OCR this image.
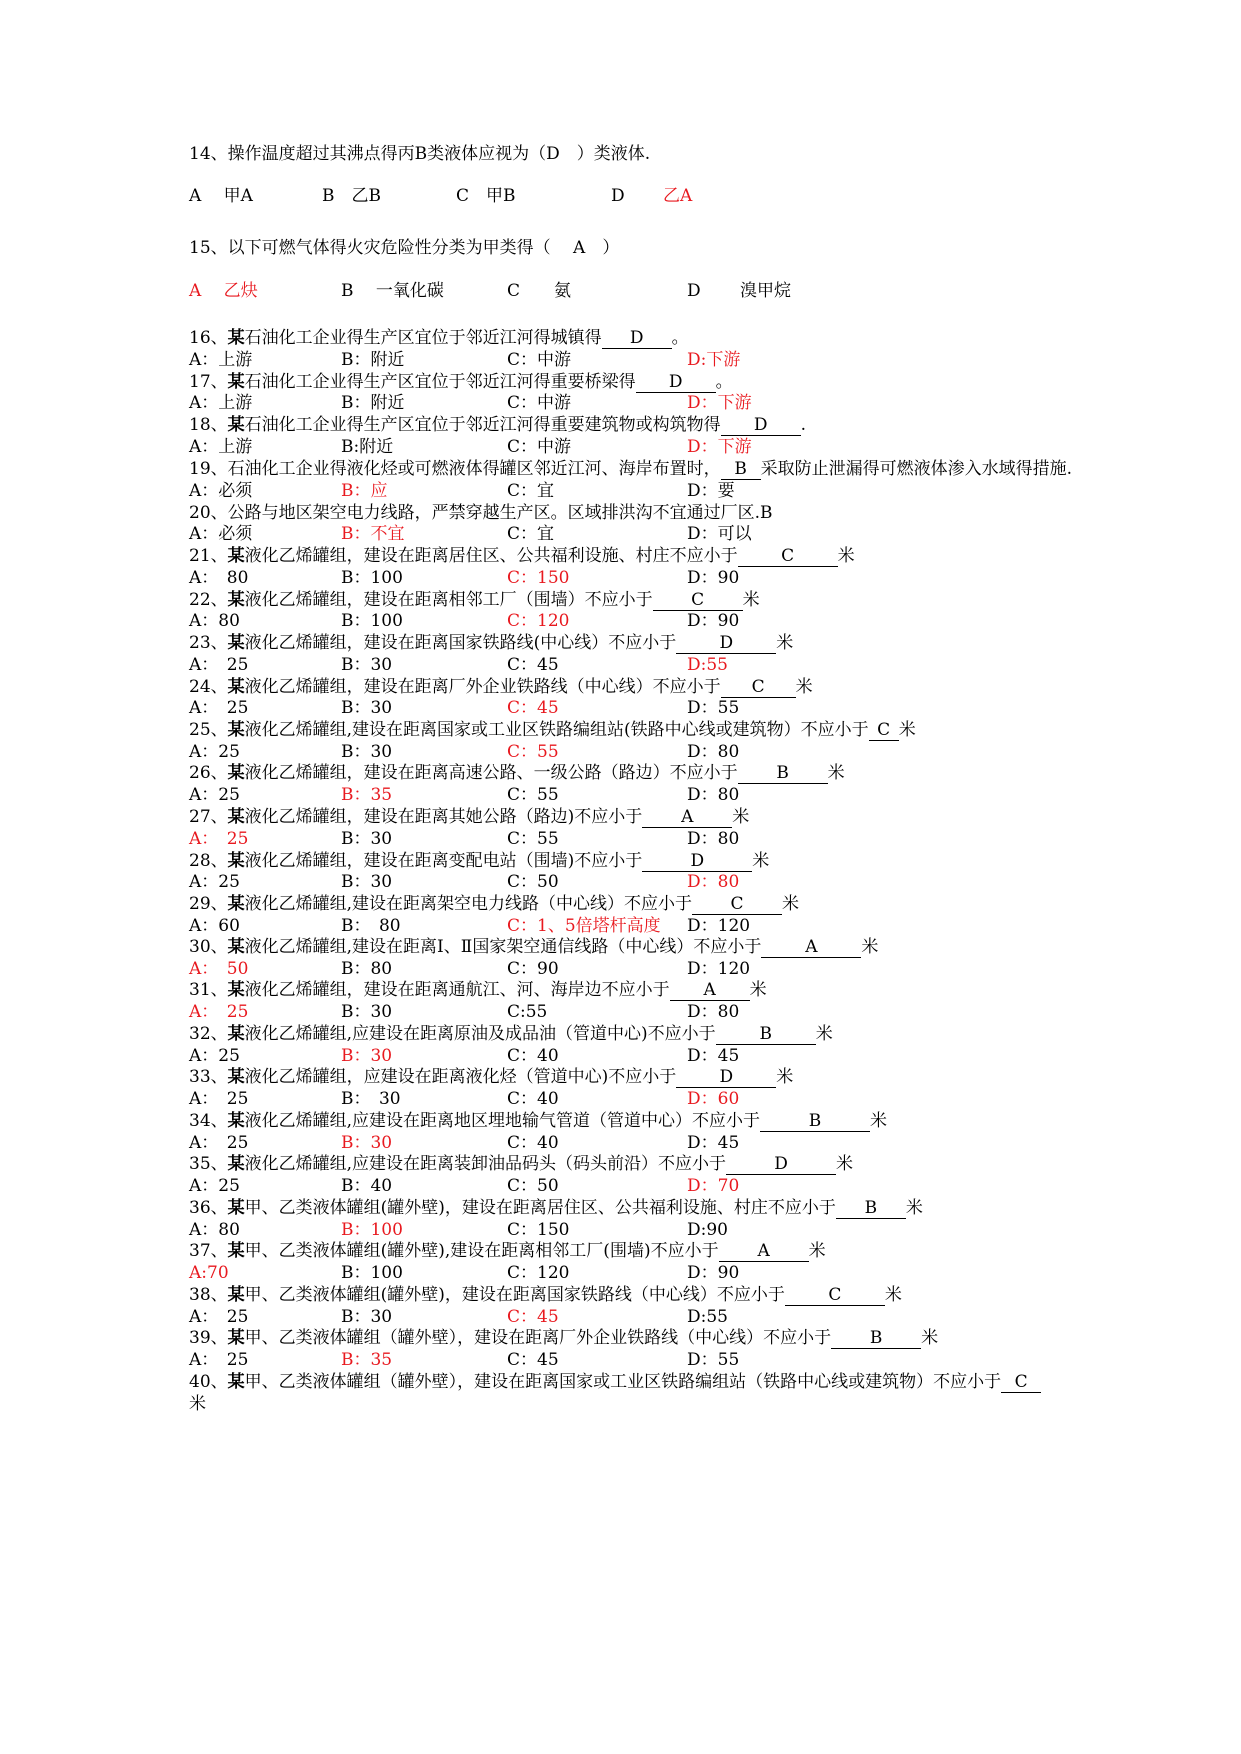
14、操作温度超过其沸点得丙B类液体应视为（D　）类液体.
A　 甲A	B　乙B	C　甲B	D 乙A
15、以下可燃气体得火灾危险性分类为甲类得（　 A　）
A　 乙炔	B　 一氧化碳	C　　氨	D　　 溴甲烷
16、某石油化工企业得生产区宜位于邻近江河得城镇得 D 。
A：上游	B：附近	C：中游	D:下游
17、某石油化工企业得生产区宜位于邻近江河得重要桥梁得 D 。
A：上游	B：附近	C：中游	D：下游
18、某石油化工企业得生产区宜位于邻近江河得重要建筑物或构筑物得 D .
A：上游	B:附近	C：中游	D：下游
19、石油化工企业得液化烃或可燃液体得罐区邻近江河、海岸布置时， B 采取防止泄漏得可燃液体渗入水域得措施.
A：必须	B：应	C：宜	D：要
20、公路与地区架空电力线路，严禁穿越生产区。区域排洪沟不宜通过厂区.B
A：必须	B：不宜	C：宜	D：可以
21、某液化乙烯罐组，建设在距离居住区、公共福利设施、村庄不应小于	C	米
A：　80	B：100	C：150	D：90
22、某液化乙烯罐组，建设在距离相邻工厂（围墙）不应小于 C 米
A：80	B：100	C：120	D：90
23、某液化乙烯罐组，建设在距离国家铁路线(中心线）不应小于	D	米
A：　25	B：30	C：45	D:55
24、某液化乙烯罐组，建设在距离厂外企业铁路线（中心线）不应小于 C 米
A：　25	B：30	C：45	D：55
25、某液化乙烯罐组,建设在距离国家或工业区铁路编组站(铁路中心线或建筑物）不应小于 C 米
A：25	B：30	C：55	D：80
26、某液化乙烯罐组，建设在距离高速公路、一级公路（路边）不应小于 B 米
A：25	B：35	C：55	D：80
27、某液化乙烯罐组，建设在距离其她公路（路边)不应小于 A 米
A：　25	B：30	C：55	D：80
28、某液化乙烯罐组，建设在距离变配电站（围墙)不应小于	D	米
A：25	B：30	C：50	D：80
29、某液化乙烯罐组,建设在距离架空电力线路（中心线）不应小于 C 米
A：60	B：　80	C：1、5倍塔杆高度 D：120
30、某液化乙烯罐组,建设在距离Ⅰ、Ⅱ国家架空通信线路（中心线）不应小于	A	米
A：　50	B：80	C：90	D：120
31、某液化乙烯罐组，建设在距离通航江、河、海岸边不应小于 A 米
A：　25	B：30	C:55	D：80
32、某液化乙烯罐组,应建设在距离原油及成品油（管道中心)不应小于	B	米
A：25	B：30	C：40	D：45
33、某液化乙烯罐组，应建设在距离液化烃（管道中心)不应小于	D	米
A：　25	B：　30	C：40	D：60
34、某液化乙烯罐组,应建设在距离地区埋地输气管道（管道中心）不应小于	B	米
A：　25	B：30	C：40	D：45
35、某液化乙烯罐组,应建设在距离装卸油品码头（码头前沿）不应小于	D	米
A：25	B：40	C：50	D：70
36、某甲、乙类液体罐组(罐外壁)，建设在距离居住区、公共福利设施、村庄不应小于 B 米
A：80	B：100	C：150	D:90
37、某甲、乙类液体罐组(罐外壁),建设在距离相邻工厂(围墙)不应小于 A 米
A:70	B：100	C：120	D：90
38、某甲、乙类液体罐组(罐外壁)，建设在距离国家铁路线（中心线）不应小于	C	米
A：　25	B：30	C：45	D:55
39、某甲、乙类液体罐组（罐外壁），建设在距离厂外企业铁路线（中心线）不应小于 B 米
A：　25	B：35	C：45	D：55
40、某甲、乙类液体罐组（罐外壁），建设在距离国家或工业区铁路编组站（铁路中心线或建筑物）不应小于 C
米
